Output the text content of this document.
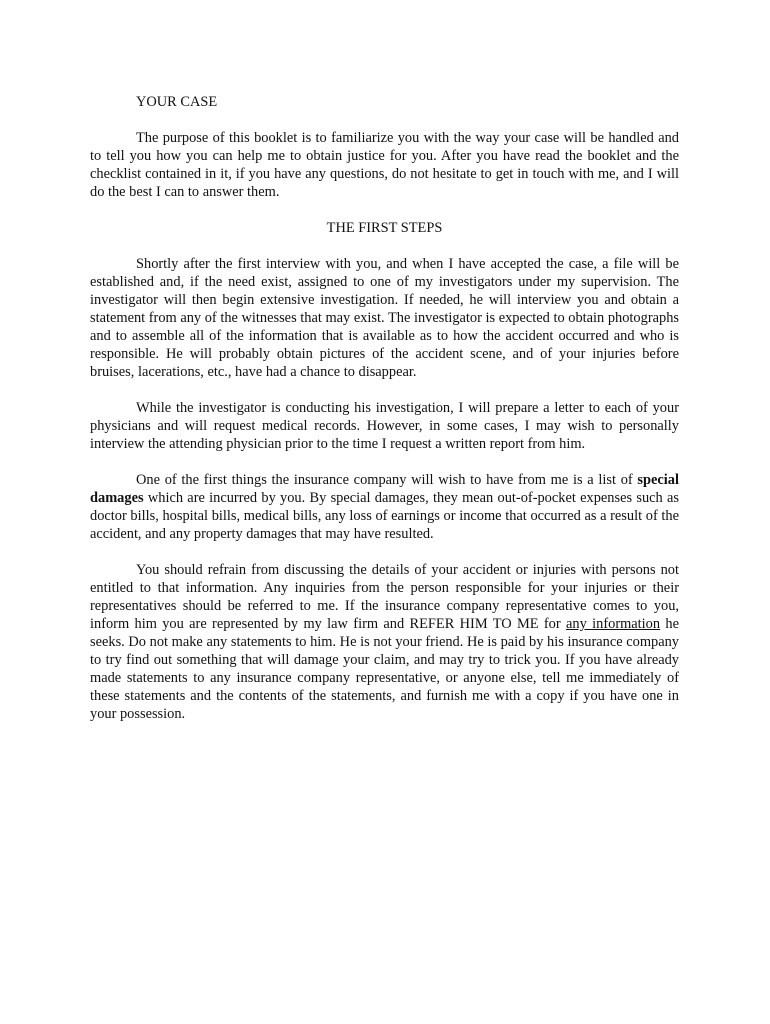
YOUR CASE

The purpose of this booklet is to familiarize you with the way your case will be handled and to tell you how you can help me to obtain justice for you. After you have read the booklet and the checklist contained in it, if you have any questions, do not hesitate to get in touch with me, and I will do the best I can to answer them.

THE FIRST STEPS

Shortly after the first interview with you, and when I have accepted the case, a file will be established and, if the need exist, assigned to one of my investigators under my supervision. The investigator will then begin extensive investigation. If needed, he will interview you and obtain a statement from any of the witnesses that may exist. The investigator is expected to obtain photographs and to assemble all of the information that is available as to how the accident occurred and who is responsible. He will probably obtain pictures of the accident scene, and of your injuries before bruises, lacerations, etc., have had a chance to disappear.

While the investigator is conducting his investigation, I will prepare a letter to each of your physicians and will request medical records. However, in some cases, I may wish to personally interview the attending physician prior to the time I request a written report from him.

One of the first things the insurance company will wish to have from me is a list of special damages which are incurred by you. By special damages, they mean out-of-pocket expenses such as doctor bills, hospital bills, medical bills, any loss of earnings or income that occurred as a result of the accident, and any property damages that may have resulted.

You should refrain from discussing the details of your accident or injuries with persons not entitled to that information. Any inquiries from the person responsible for your injuries or their representatives should be referred to me. If the insurance company representative comes to you, inform him you are represented by my law firm and REFER HIM TO ME for any information he seeks. Do not make any statements to him. He is not your friend. He is paid by his insurance company to try find out something that will damage your claim, and may try to trick you. If you have already made statements to any insurance company representative, or anyone else, tell me immediately of these statements and the contents of the statements, and furnish me with a copy if you have one in your possession.
